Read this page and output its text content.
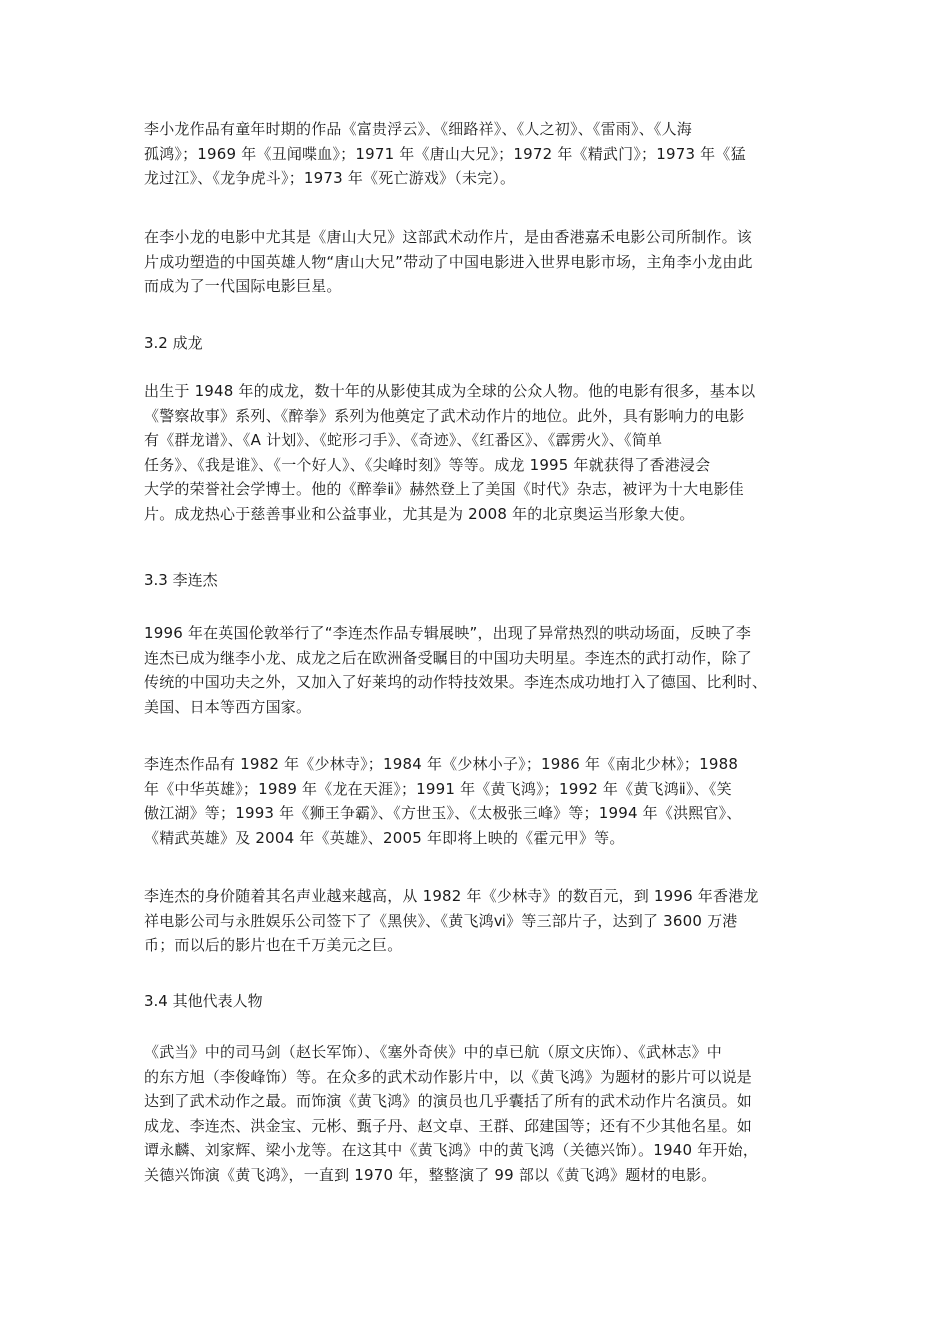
李小龙作品有童年时期的作品《富贵浮云》、《细路祥》、《人之初》、《雷雨》、《人海
孤鸿》；1969 年《丑闻喋血》；1971 年《唐山大兄》；1972 年《精武门》；1973 年《猛
龙过江》、《龙争虎斗》；1973 年《死亡游戏》（未完）。

在李小龙的电影中尤其是《唐山大兄》这部武术动作片，是由香港嘉禾电影公司所制作。该
片成功塑造的中国英雄人物“唐山大兄”带动了中国电影进入世界电影市场，主角李小龙由此
而成为了一代国际电影巨星。

3.2 成龙

出生于 1948 年的成龙，数十年的从影使其成为全球的公众人物。他的电影有很多，基本以
《警察故事》系列、《醉拳》系列为他奠定了武术动作片的地位。此外，具有影响力的电影
有《群龙谱》、《A 计划》、《蛇形刁手》、《奇迹》、《红番区》、《霹雳火》、《简单
任务》、《我是谁》、《一个好人》、《尖峰时刻》等等。成龙 1995 年就获得了香港浸会
大学的荣誉社会学博士。他的《醉拳ⅱ》赫然登上了美国《时代》杂志，被评为十大电影佳
片。成龙热心于慈善事业和公益事业，尤其是为 2008 年的北京奥运当形象大使。

3.3 李连杰

1996 年在英国伦敦举行了“李连杰作品专辑展映”，出现了异常热烈的哄动场面，反映了李
连杰已成为继李小龙、成龙之后在欧洲备受瞩目的中国功夫明星。李连杰的武打动作，除了
传统的中国功夫之外，又加入了好莱坞的动作特技效果。李连杰成功地打入了德国、比利时、
美国、日本等西方国家。

李连杰作品有 1982 年《少林寺》；1984 年《少林小子》；1986 年《南北少林》；1988
年《中华英雄》；1989 年《龙在天涯》；1991 年《黄飞鸿》；1992 年《黄飞鸿ⅱ》、《笑
傲江湖》等；1993 年《狮王争霸》、《方世玉》、《太极张三峰》等；1994 年《洪熙官》、
《精武英雄》及 2004 年《英雄》、2005 年即将上映的《霍元甲》等。

李连杰的身价随着其名声业越来越高，从 1982 年《少林寺》的数百元，到 1996 年香港龙
祥电影公司与永胜娱乐公司签下了《黑侠》、《黄飞鸿ⅵ》等三部片子，达到了 3600 万港
币；而以后的影片也在千万美元之巨。

3.4 其他代表人物

《武当》中的司马剑（赵长军饰）、《塞外奇侠》中的卓已航（原文庆饰）、《武林志》中
的东方旭（李俊峰饰）等。在众多的武术动作影片中，以《黄飞鸿》为题材的影片可以说是
达到了武术动作之最。而饰演《黄飞鸿》的演员也几乎囊括了所有的武术动作片名演员。如
成龙、李连杰、洪金宝、元彬、甄子丹、赵文卓、王群、邱建国等；还有不少其他名星。如
谭永麟、刘家辉、梁小龙等。在这其中《黄飞鸿》中的黄飞鸿（关德兴饰）。1940 年开始，
关德兴饰演《黄飞鸿》，一直到 1970 年，整整演了 99 部以《黄飞鸿》题材的电影。
